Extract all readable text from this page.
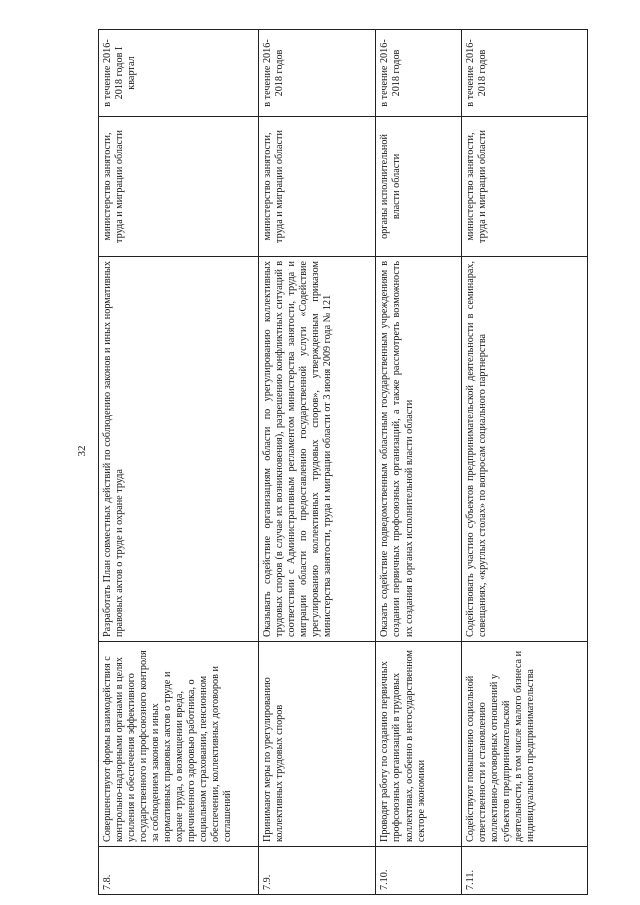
32
7.8.	Совершенствуют формы взаимодействия с контрольно-надзорными органами в целях усиления и обеспечения эффективного государственного и профсоюзного контроля за соблюдением законов и иных нормативных правовых актов о труде и охране труда, о возмещении вреда, причиненного здоровью работника, о социальном страховании, пенсионном обеспечении, коллективных договоров и соглашений	Разработать План совместных действий по соблюдению законов и иных нормативных правовых актов о труде и охране труда	министерство занятости, труда и миграции области	в течение 2016-2018 годов I квартал
7.9.	Принимают меры по урегулированию коллективных трудовых споров	Оказывать содействие организациям области по урегулированию коллективных трудовых споров (в случае их возникновения), разрешению конфликтных ситуаций в соответствии с Административным регламентом министерства занятости, труда и миграции области по предоставлению государственной услуги «Содействие урегулированию коллективных трудовых споров», утвержденным приказом министерства занятости, труда и миграции области от 3 июня 2009 года № 121	министерство занятости, труда и миграции области	в течение 2016-2018 годов
7.10.	Проводят работу по созданию первичных профсоюзных организаций в трудовых коллективах, особенно в негосударственном секторе экономики	Оказать содействие подведомственным областным государственным учреждениям в создании первичных профсоюзных организаций, а также рассмотреть возможность их создания в органах исполнительной власти области	органы исполнительной власти области	в течение 2016-2018 годов
7.11.	Содействуют повышению социальной ответственности и становлению коллективно-договорных отношений у субъектов предпринимательской деятельности, в том числе малого бизнеса и индивидуального предпринимательства	Содействовать участию субъектов предпринимательской деятельности в семинарах, совещаниях, «круглых столах» по вопросам социального партнерства	министерство занятости, труда и миграции области	в течение 2016-2018 годов
